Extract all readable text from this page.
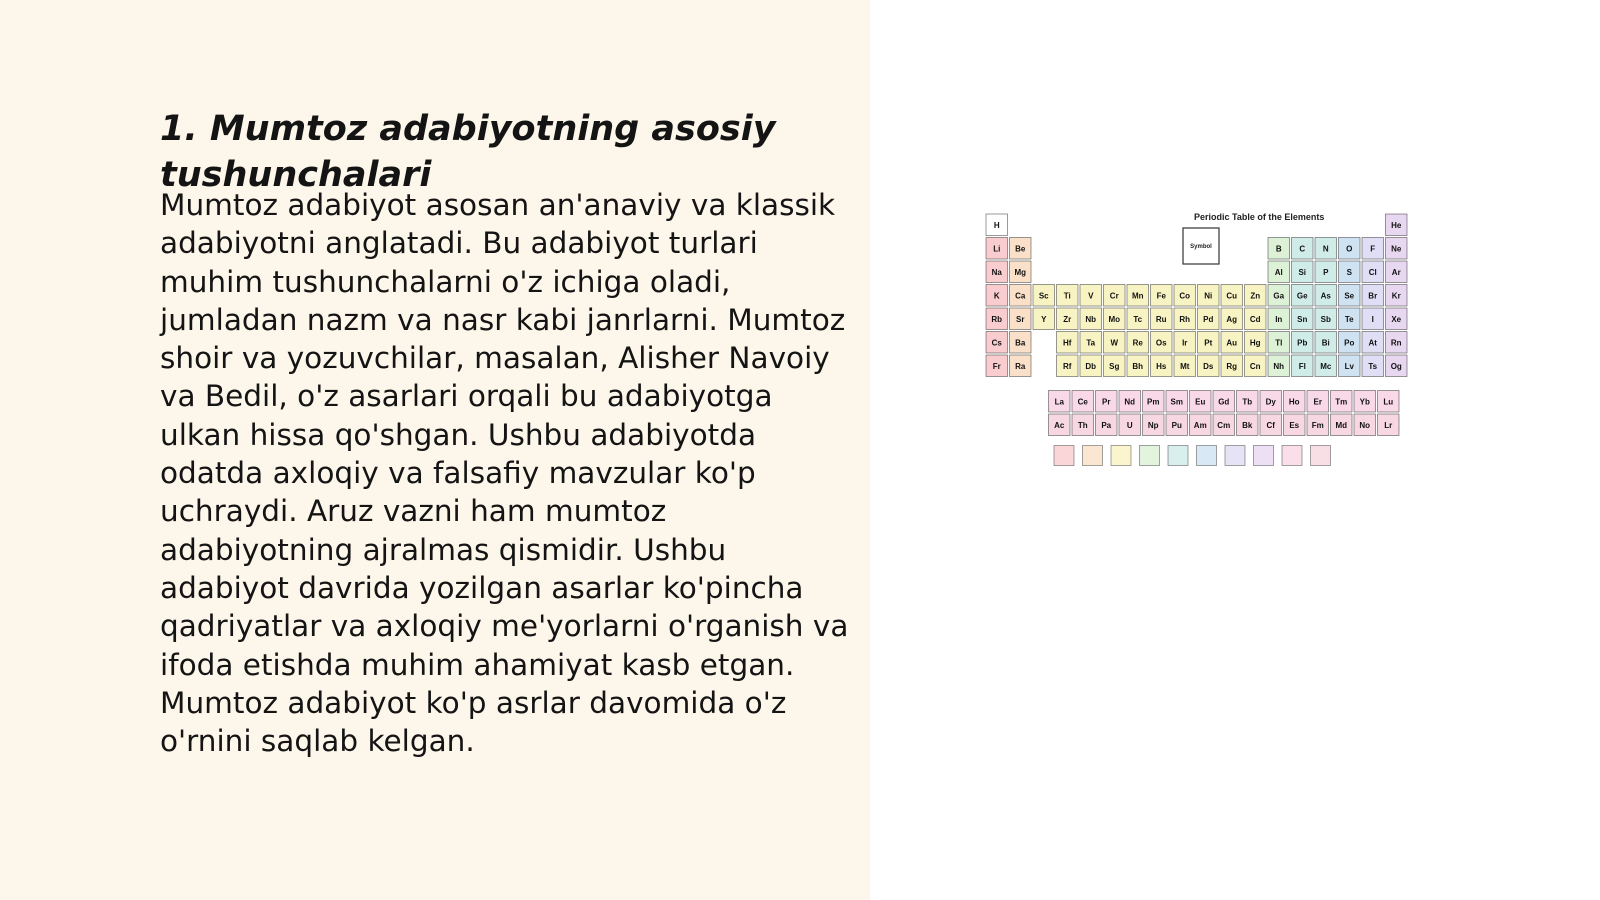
1. Mumtoz adabiyotning asosiy tushunchalari

Mumtoz adabiyot asosan an'anaviy va klassik adabiyotni anglatadi. Bu adabiyot turlari muhim tushunchalarni o'z ichiga oladi, jumladan nazm va nasr kabi janrlarni. Mumtoz shoir va yozuvchilar, masalan, Alisher Navoiy va Bedil, o'z asarlari orqali bu adabiyotga ulkan hissa qo'shgan. Ushbu adabiyotda odatda axloqiy va falsafiy mavzular ko'p uchraydi. Aruz vazni ham mumtoz adabiyotning ajralmas qismidir. Ushbu adabiyot davrida yozilgan asarlar ko'pincha qadriyatlar va axloqiy me'yorlarni o'rganish va ifoda etishda muhim ahamiyat kasb etgan. Mumtoz adabiyot ko'p asrlar davomida o'z o'rnini saqlab kelgan.

Periodic Table of the Elements
Symbol
H	He
Li Be	B C N O F Ne
Na Mg	Al Si P S Cl Ar
K Ca Sc Ti V Cr Mn Fe Co Ni Cu Zn Ga Ge As Se Br Kr
Rb Sr Y Zr Nb Mo Tc Ru Rh Pd Ag Cd In Sn Sb Te I Xe
Cs Ba	Hf Ta W Re Os Ir Pt Au Hg Tl Pb Bi Po At Rn
Fr Ra	Rf Db Sg Bh Hs Mt Ds Rg Cn Nh Fl Mc Lv Ts Og
La Ce Pr Nd Pm Sm Eu Gd Tb Dy Ho Er Tm Yb Lu
Ac Th Pa U Np Pu Am Cm Bk Cf Es Fm Md No Lr
